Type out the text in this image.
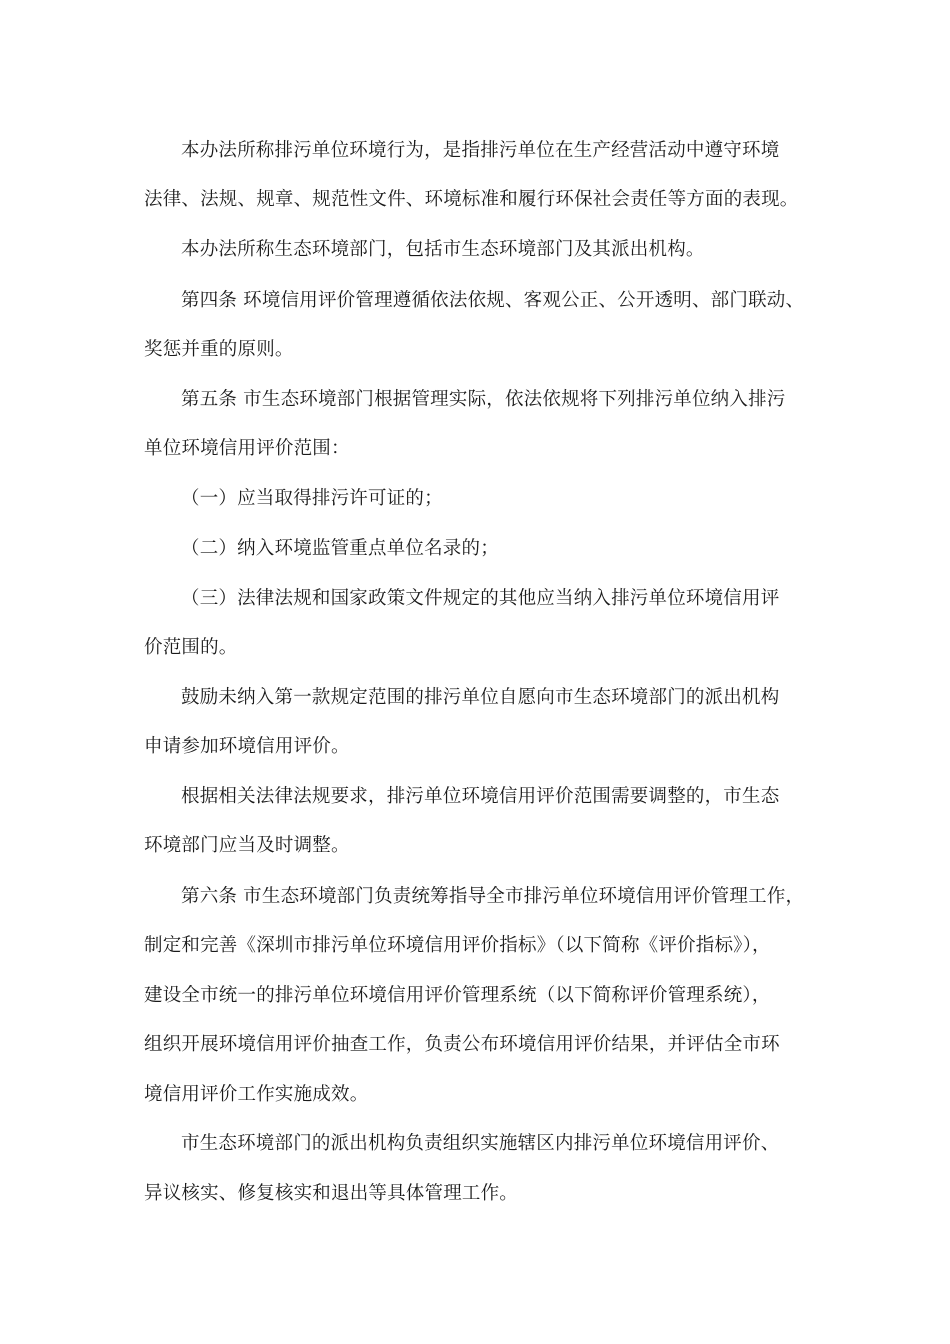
本办法所称排污单位环境行为，是指排污单位在生产经营活动中遵守环境
法律、法规、规章、规范性文件、环境标准和履行环保社会责任等方面的表现。
本办法所称生态环境部门，包括市生态环境部门及其派出机构。
第四条 环境信用评价管理遵循依法依规、客观公正、公开透明、部门联动、
奖惩并重的原则。
第五条 市生态环境部门根据管理实际，依法依规将下列排污单位纳入排污
单位环境信用评价范围：
（一）应当取得排污许可证的；
（二）纳入环境监管重点单位名录的；
（三）法律法规和国家政策文件规定的其他应当纳入排污单位环境信用评
价范围的。
鼓励未纳入第一款规定范围的排污单位自愿向市生态环境部门的派出机构
申请参加环境信用评价。
根据相关法律法规要求，排污单位环境信用评价范围需要调整的，市生态
环境部门应当及时调整。
第六条 市生态环境部门负责统筹指导全市排污单位环境信用评价管理工作，
制定和完善《深圳市排污单位环境信用评价指标》（以下简称《评价指标》），
建设全市统一的排污单位环境信用评价管理系统（以下简称评价管理系统），
组织开展环境信用评价抽查工作，负责公布环境信用评价结果，并评估全市环
境信用评价工作实施成效。
市生态环境部门的派出机构负责组织实施辖区内排污单位环境信用评价、
异议核实、修复核实和退出等具体管理工作。
